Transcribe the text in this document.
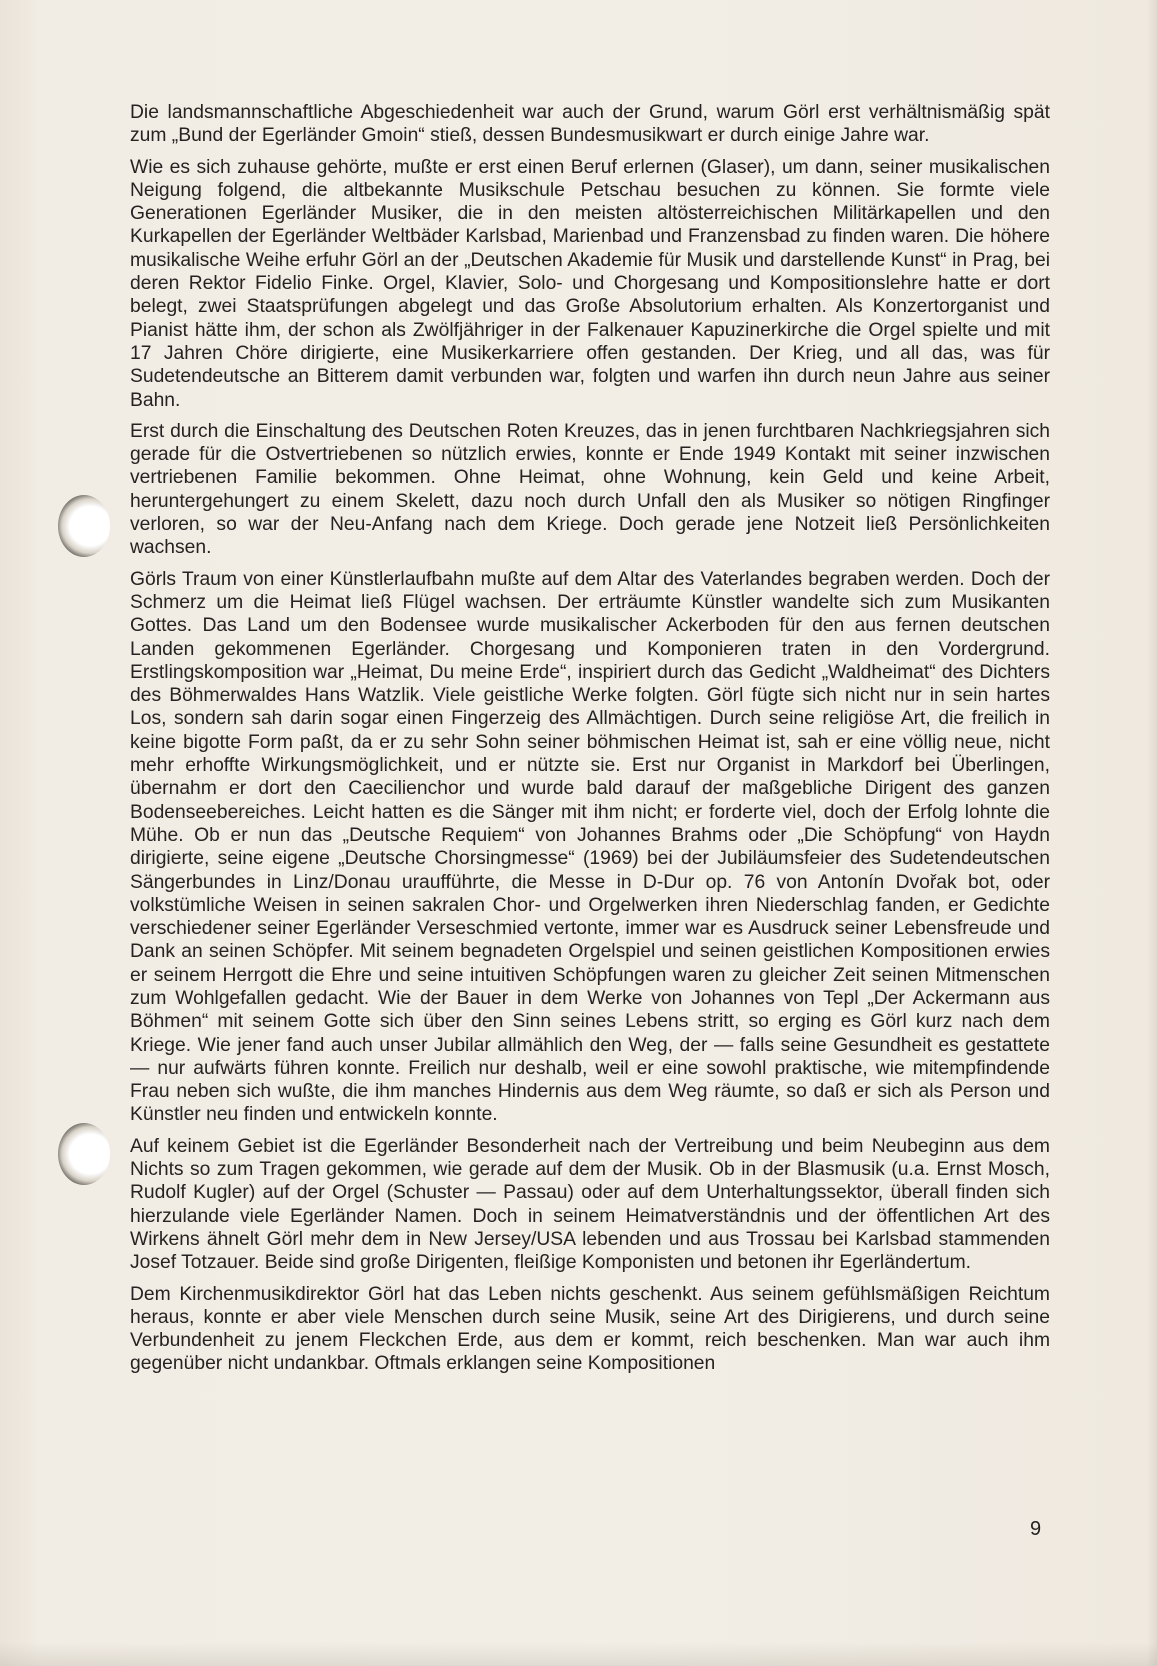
Die landsmannschaftliche Abgeschiedenheit war auch der Grund, warum Görl erst verhältnismäßig spät zum „Bund der Egerländer Gmoin“ stieß, dessen Bundesmusikwart er durch einige Jahre war.

Wie es sich zuhause gehörte, mußte er erst einen Beruf erlernen (Glaser), um dann, seiner musikalischen Neigung folgend, die altbekannte Musikschule Petschau besuchen zu können. Sie formte viele Generationen Egerländer Musiker, die in den meisten altösterreichischen Militärkapellen und den Kurkapellen der Egerländer Weltbäder Karlsbad, Marienbad und Franzensbad zu finden waren. Die höhere musikalische Weihe erfuhr Görl an der „Deutschen Akademie für Musik und darstellende Kunst“ in Prag, bei deren Rektor Fidelio Finke. Orgel, Klavier, Solo- und Chorgesang und Kompositionslehre hatte er dort belegt, zwei Staatsprüfungen abgelegt und das Große Absolutorium erhalten. Als Konzertorganist und Pianist hätte ihm, der schon als Zwölfjähriger in der Falkenauer Kapuzinerkirche die Orgel spielte und mit 17 Jahren Chöre dirigierte, eine Musikerkarriere offen gestanden. Der Krieg, und all das, was für Sudetendeutsche an Bitterem damit verbunden war, folgten und warfen ihn durch neun Jahre aus seiner Bahn.

Erst durch die Einschaltung des Deutschen Roten Kreuzes, das in jenen furchtbaren Nachkriegsjahren sich gerade für die Ostvertriebenen so nützlich erwies, konnte er Ende 1949 Kontakt mit seiner inzwischen vertriebenen Familie bekommen. Ohne Heimat, ohne Wohnung, kein Geld und keine Arbeit, heruntergehungert zu einem Skelett, dazu noch durch Unfall den als Musiker so nötigen Ringfinger verloren, so war der Neu-Anfang nach dem Kriege. Doch gerade jene Notzeit ließ Persönlichkeiten wachsen.

Görls Traum von einer Künstlerlaufbahn mußte auf dem Altar des Vaterlandes begraben werden. Doch der Schmerz um die Heimat ließ Flügel wachsen. Der erträumte Künstler wandelte sich zum Musikanten Gottes. Das Land um den Bodensee wurde musikalischer Ackerboden für den aus fernen deutschen Landen gekommenen Egerländer. Chorgesang und Komponieren traten in den Vordergrund. Erstlingskomposition war „Heimat, Du meine Erde“, inspiriert durch das Gedicht „Waldheimat“ des Dichters des Böhmerwaldes Hans Watzlik. Viele geistliche Werke folgten. Görl fügte sich nicht nur in sein hartes Los, sondern sah darin sogar einen Fingerzeig des Allmächtigen. Durch seine religiöse Art, die freilich in keine bigotte Form paßt, da er zu sehr Sohn seiner böhmischen Heimat ist, sah er eine völlig neue, nicht mehr erhoffte Wirkungsmöglichkeit, und er nützte sie. Erst nur Organist in Markdorf bei Überlingen, übernahm er dort den Caecilienchor und wurde bald darauf der maßgebliche Dirigent des ganzen Bodenseebereiches. Leicht hatten es die Sänger mit ihm nicht; er forderte viel, doch der Erfolg lohnte die Mühe. Ob er nun das „Deutsche Requiem“ von Johannes Brahms oder „Die Schöpfung“ von Haydn dirigierte, seine eigene „Deutsche Chorsingmesse“ (1969) bei der Jubiläumsfeier des Sudetendeutschen Sängerbundes in Linz/Donau uraufführte, die Messe in D-Dur op. 76 von Antonín Dvořak bot, oder volkstümliche Weisen in seinen sakralen Chor- und Orgelwerken ihren Niederschlag fanden, er Gedichte verschiedener seiner Egerländer Verseschmied vertonte, immer war es Ausdruck seiner Lebensfreude und Dank an seinen Schöpfer. Mit seinem begnadeten Orgelspiel und seinen geistlichen Kompositionen erwies er seinem Herrgott die Ehre und seine intuitiven Schöpfungen waren zu gleicher Zeit seinen Mitmenschen zum Wohlgefallen gedacht. Wie der Bauer in dem Werke von Johannes von Tepl „Der Ackermann aus Böhmen“ mit seinem Gotte sich über den Sinn seines Lebens stritt, so erging es Görl kurz nach dem Kriege. Wie jener fand auch unser Jubilar allmählich den Weg, der — falls seine Gesundheit es gestattete — nur aufwärts führen konnte. Freilich nur deshalb, weil er eine sowohl praktische, wie mitempfindende Frau neben sich wußte, die ihm manches Hindernis aus dem Weg räumte, so daß er sich als Person und Künstler neu finden und entwickeln konnte.

Auf keinem Gebiet ist die Egerländer Besonderheit nach der Vertreibung und beim Neubeginn aus dem Nichts so zum Tragen gekommen, wie gerade auf dem der Musik. Ob in der Blasmusik (u.a. Ernst Mosch, Rudolf Kugler) auf der Orgel (Schuster — Passau) oder auf dem Unterhaltungssektor, überall finden sich hierzulande viele Egerländer Namen. Doch in seinem Heimatverständnis und der öffentlichen Art des Wirkens ähnelt Görl mehr dem in New Jersey/USA lebenden und aus Trossau bei Karlsbad stammenden Josef Totzauer. Beide sind große Dirigenten, fleißige Komponisten und betonen ihr Egerländertum.

Dem Kirchenmusikdirektor Görl hat das Leben nichts geschenkt. Aus seinem gefühlsmäßigen Reichtum heraus, konnte er aber viele Menschen durch seine Musik, seine Art des Dirigierens, und durch seine Verbundenheit zu jenem Fleckchen Erde, aus dem er kommt, reich beschenken. Man war auch ihm gegenüber nicht undankbar. Oftmals erklangen seine Kompositionen

9
